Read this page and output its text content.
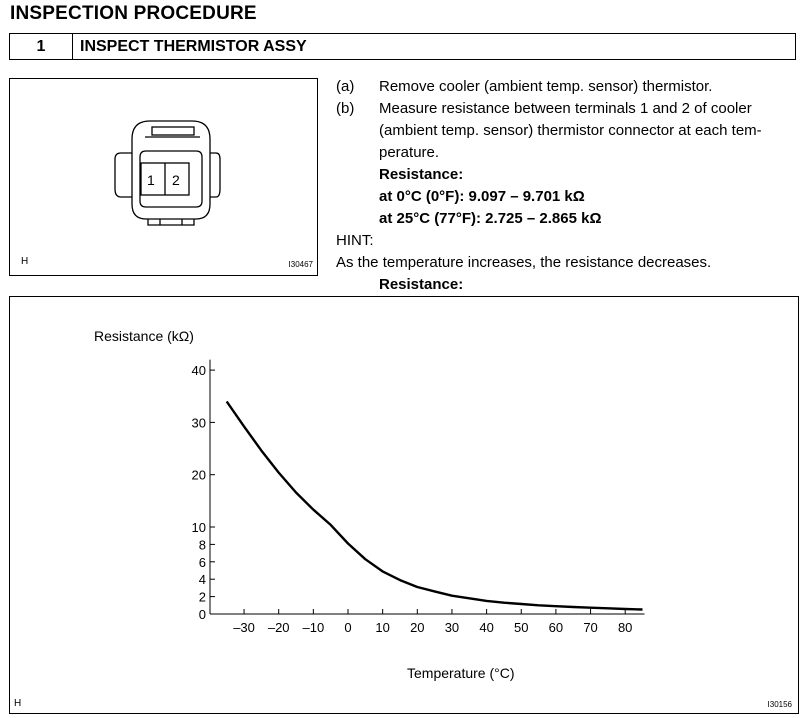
INSPECTION PROCEDURE
1	INSPECT THERMISTOR ASSY
1 2
H	I30467
(a) Remove cooler (ambient temp. sensor) thermistor.
(b) Measure resistance between terminals 1 and 2 of cooler
(ambient temp. sensor) thermistor connector at each tem-
perature.
Resistance:
at 0°C (0°F): 9.097 – 9.701 kΩ
at 25°C (77°F): 2.725 – 2.865 kΩ
HINT:
As the temperature increases, the resistance decreases.
Resistance:
Resistance (kΩ)
Temperature (°C)
0
2
4
6
8
10
20
30
40
–30 –20 –10 0 10 20 30 40 50 60 70 80
H	I30156
